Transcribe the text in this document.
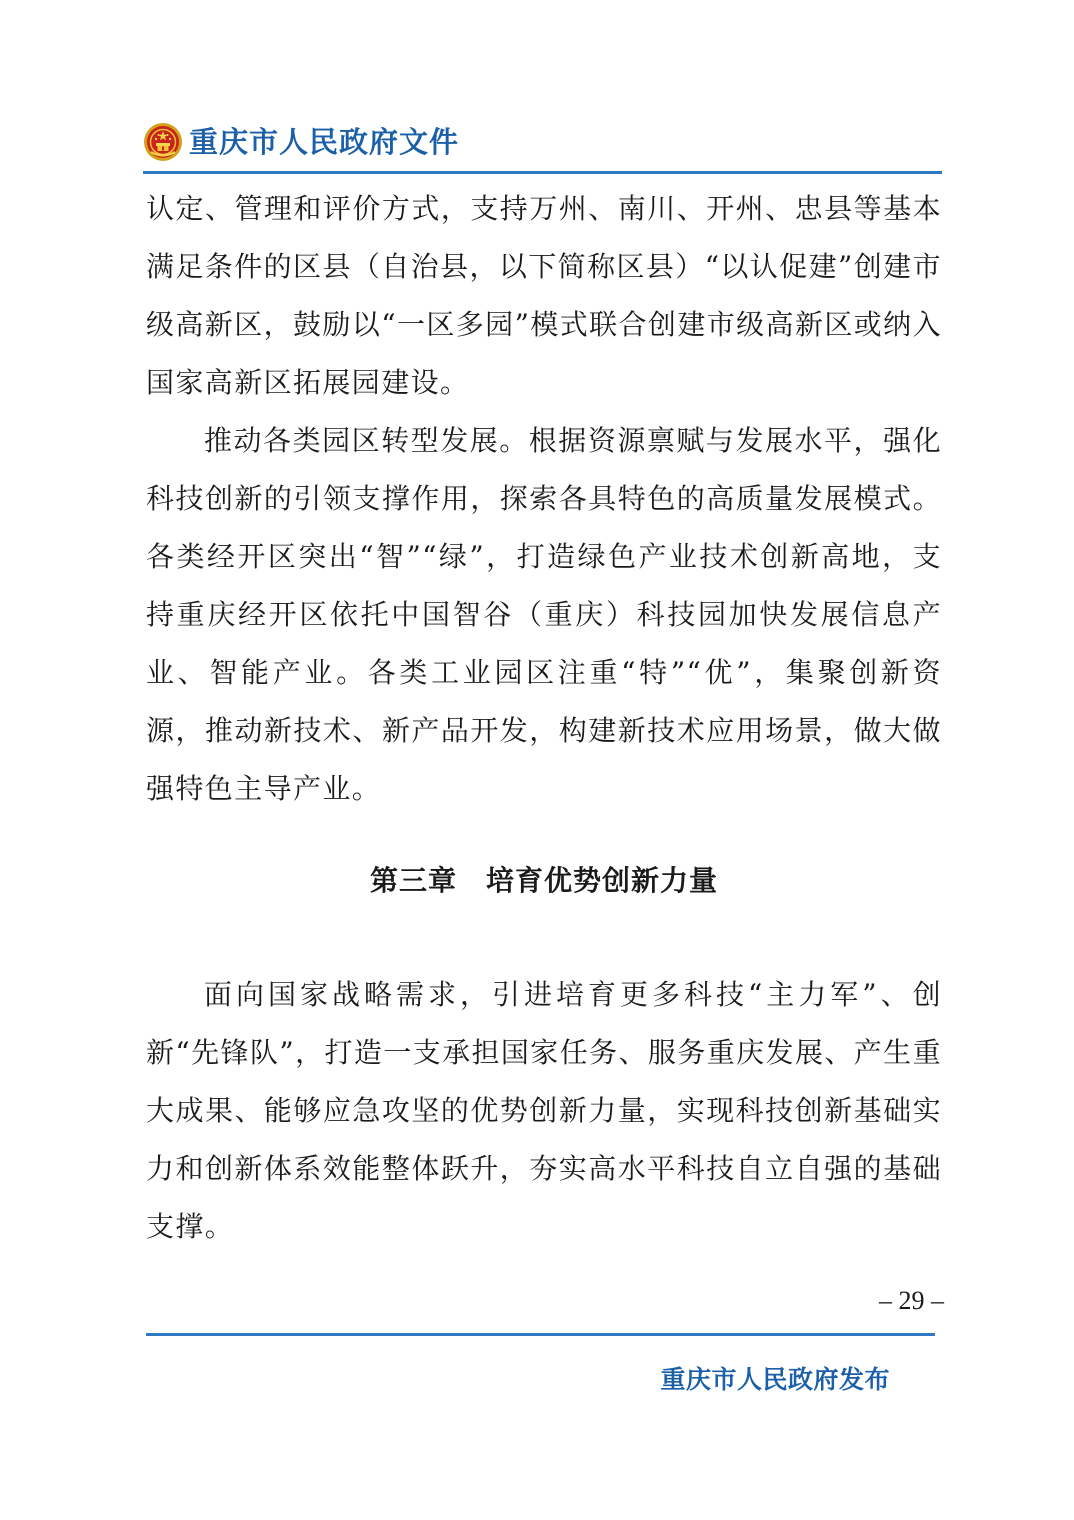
重庆市人民政府文件

认定、管理和评价方式，支持万州、南川、开州、忠县等基本满足条件的区县（自治县，以下简称区县）“以认促建”创建市级高新区，鼓励以“一区多园”模式联合创建市级高新区或纳入国家高新区拓展园建设。

推动各类园区转型发展。根据资源禀赋与发展水平，强化科技创新的引领支撑作用，探索各具特色的高质量发展模式。各类经开区突出“智”“绿”，打造绿色产业技术创新高地，支持重庆经开区依托中国智谷（重庆）科技园加快发展信息产业、智能产业。各类工业园区注重“特”“优”，集聚创新资源，推动新技术、新产品开发，构建新技术应用场景，做大做强特色主导产业。

第三章　培育优势创新力量

面向国家战略需求，引进培育更多科技“主力军”、创新“先锋队”，打造一支承担国家任务、服务重庆发展、产生重大成果、能够应急攻坚的优势创新力量，实现科技创新基础实力和创新体系效能整体跃升，夯实高水平科技自立自强的基础支撑。

– 29 –
重庆市人民政府发布
